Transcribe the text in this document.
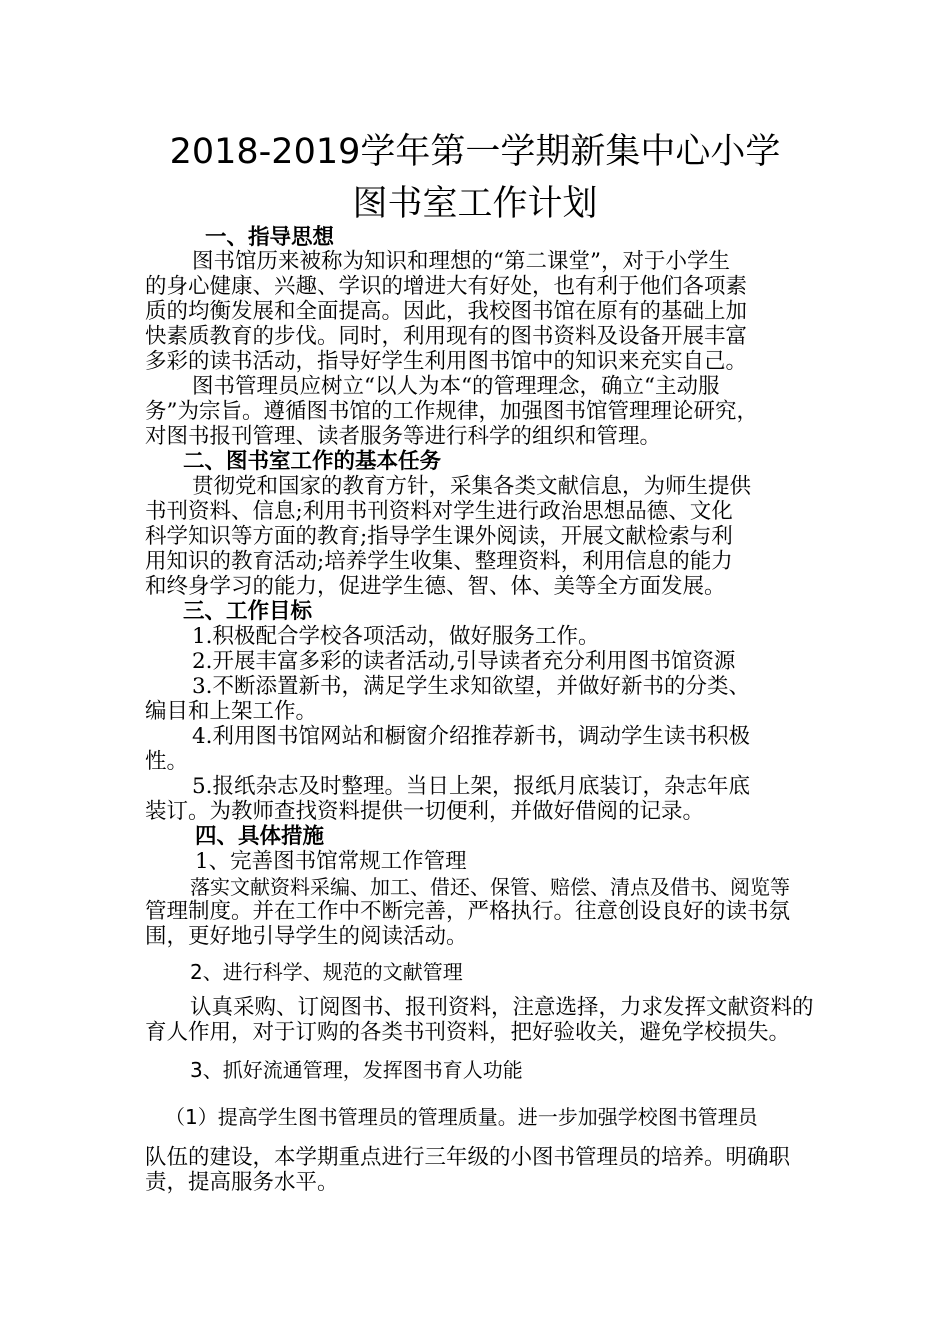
2018-2019学年第一学期新集中心小学
图书室工作计划
一、指导思想
图书馆历来被称为知识和理想的“第二课堂”，对于小学生
的身心健康、兴趣、学识的增进大有好处，也有利于他们各项素
质的均衡发展和全面提高。因此，我校图书馆在原有的基础上加
快素质教育的步伐。同时，利用现有的图书资料及设备开展丰富
多彩的读书活动，指导好学生利用图书馆中的知识来充实自己。
图书管理员应树立“以人为本“的管理理念，确立“主动服
务”为宗旨。遵循图书馆的工作规律，加强图书馆管理理论研究，
对图书报刊管理、读者服务等进行科学的组织和管理。
二、图书室工作的基本任务
贯彻党和国家的教育方针，采集各类文献信息，为师生提供
书刊资料、信息;利用书刊资料对学生进行政治思想品德、文化
科学知识等方面的教育;指导学生课外阅读，开展文献检索与利
用知识的教育活动;培养学生收集、整理资料，利用信息的能力
和终身学习的能力，促进学生德、智、体、美等全方面发展。
三、工作目标
1.积极配合学校各项活动，做好服务工作。
2.开展丰富多彩的读者活动,引导读者充分利用图书馆资源
3.不断添置新书，满足学生求知欲望，并做好新书的分类、
编目和上架工作。
4.利用图书馆网站和橱窗介绍推荐新书，调动学生读书积极
性。
5.报纸杂志及时整理。当日上架，报纸月底装订，杂志年底
装订。为教师查找资料提供一切便利，并做好借阅的记录。
四、具体措施
1、完善图书馆常规工作管理
落实文献资料采编、加工、借还、保管、赔偿、清点及借书、阅览等
管理制度。并在工作中不断完善，严格执行。往意创设良好的读书氛
围，更好地引导学生的阅读活动。
2、进行科学、规范的文献管理
认真采购、订阅图书、报刊资料，注意选择，力求发挥文献资料的
育人作用，对于订购的各类书刊资料，把好验收关，避免学校损失。
3、抓好流通管理，发挥图书育人功能
（1）提高学生图书管理员的管理质量。进一步加强学校图书管理员
队伍的建设，本学期重点进行三年级的小图书管理员的培养。明确职
责，提高服务水平。
